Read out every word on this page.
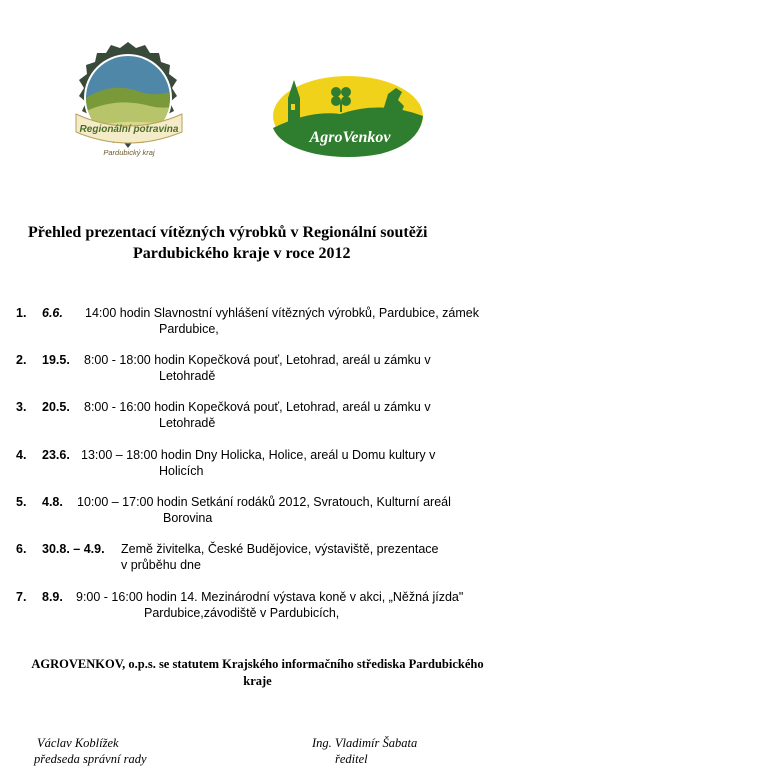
Regionální potravina
Pardubický kraj
AgroVenkov
Přehled prezentací vítězných výrobků v Regionální soutěži
Pardubického kraje v roce 2012
1. 6.6. 14:00 hodin Slavnostní vyhlášení vítězných výrobků, Pardubice, zámek
Pardubice,
2. 19.5. 8:00 - 18:00 hodin Kopečková pouť, Letohrad, areál u zámku v
Letohradě
3. 20.5. 8:00 - 16:00 hodin Kopečková pouť, Letohrad, areál u zámku v
Letohradě
4. 23.6. 13:00 – 18:00 hodin Dny Holicka, Holice, areál u Domu kultury v
Holicích
5. 4.8. 10:00 – 17:00 hodin Setkání rodáků 2012, Svratouch, Kulturní areál
Borovina
6. 30.8. – 4.9. Země živitelka, České Budějovice, výstaviště, prezentace
v průběhu dne
7. 8.9. 9:00 - 16:00 hodin 14. Mezinárodní výstava koně v akci, „Něžná jízda"
Pardubice,závodiště v Pardubicích,
AGROVENKOV, o.p.s. se statutem Krajského informačního střediska Pardubického
kraje
Václav Koblížek
předseda správní rady
Ing. Vladimír Šabata
ředitel
